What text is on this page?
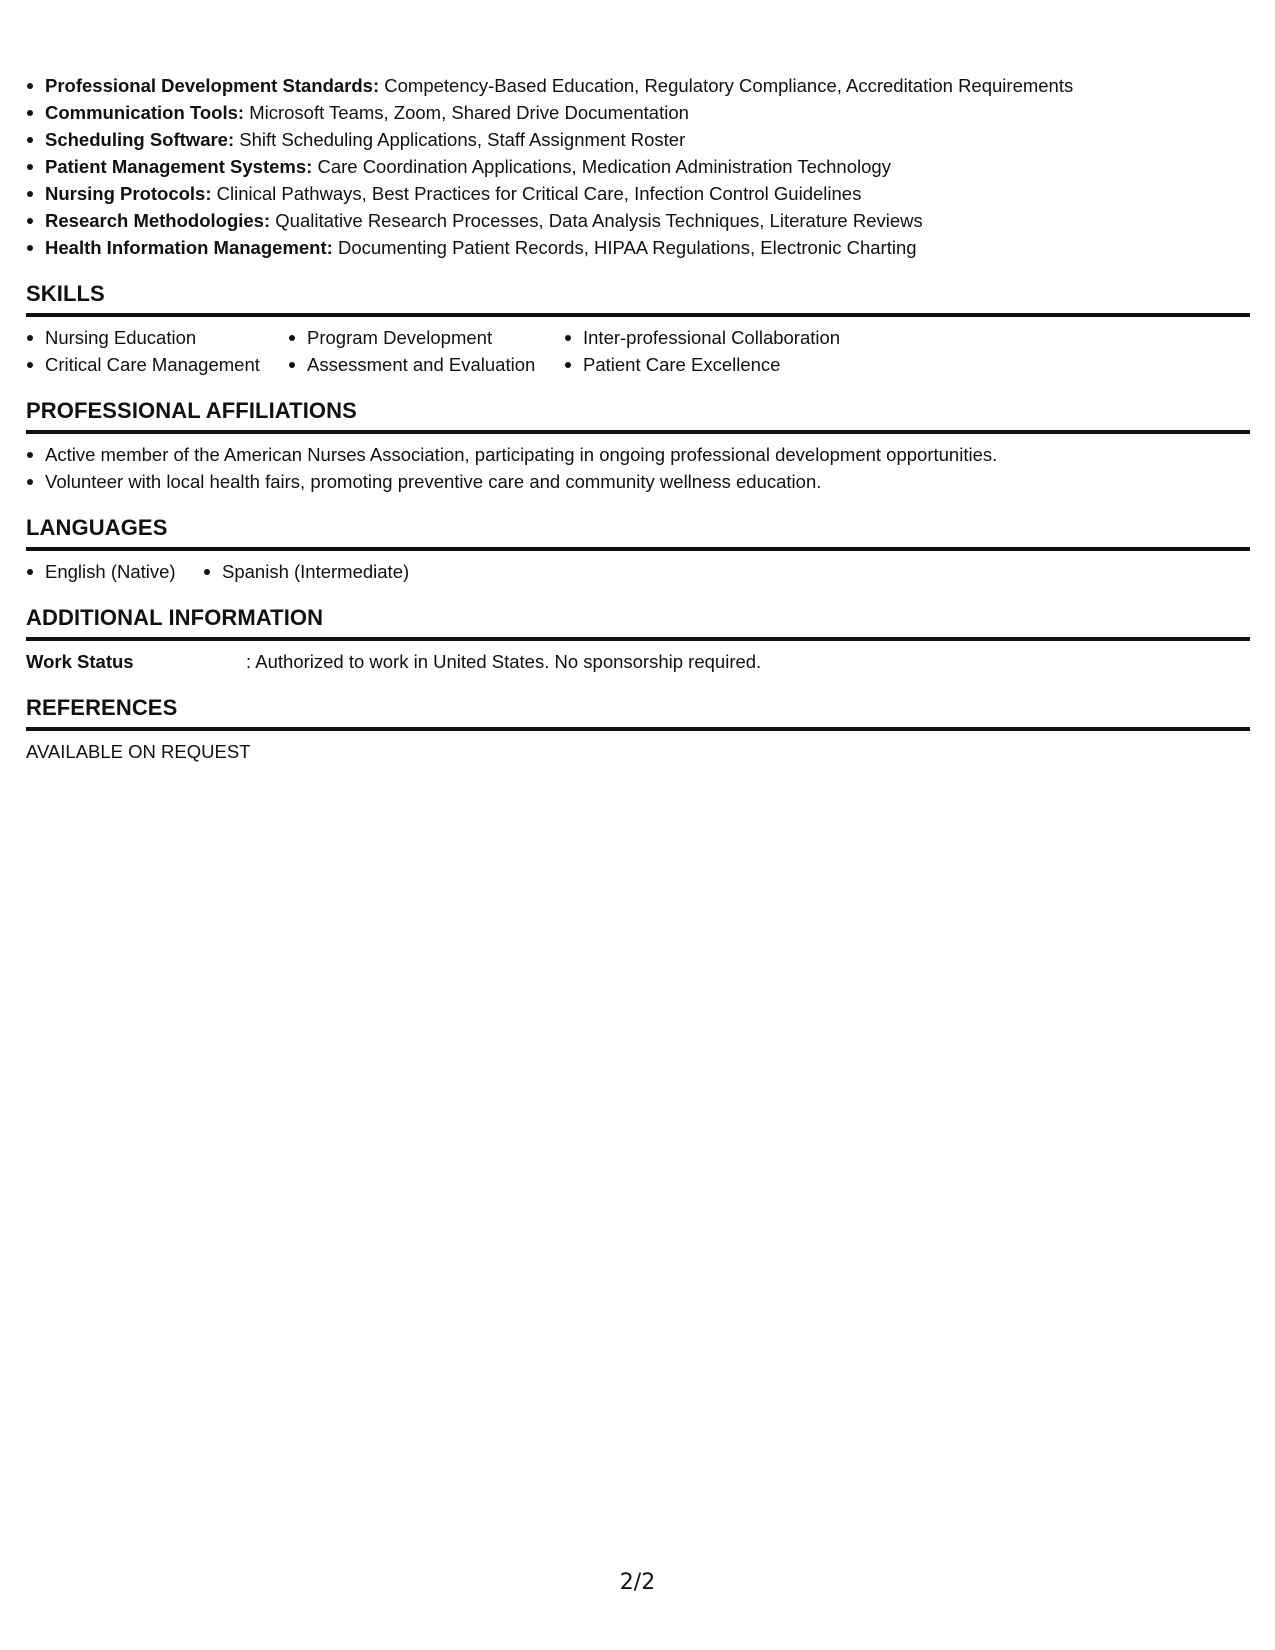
Professional Development Standards: Competency-Based Education, Regulatory Compliance, Accreditation Requirements
Communication Tools: Microsoft Teams, Zoom, Shared Drive Documentation
Scheduling Software: Shift Scheduling Applications, Staff Assignment Roster
Patient Management Systems: Care Coordination Applications, Medication Administration Technology
Nursing Protocols: Clinical Pathways, Best Practices for Critical Care, Infection Control Guidelines
Research Methodologies: Qualitative Research Processes, Data Analysis Techniques, Literature Reviews
Health Information Management: Documenting Patient Records, HIPAA Regulations, Electronic Charting
SKILLS
Nursing Education
Critical Care Management
Program Development
Assessment and Evaluation
Inter-professional Collaboration
Patient Care Excellence
PROFESSIONAL AFFILIATIONS
Active member of the American Nurses Association, participating in ongoing professional development opportunities.
Volunteer with local health fairs, promoting preventive care and community wellness education.
LANGUAGES
English (Native)	Spanish (Intermediate)
ADDITIONAL INFORMATION
Work Status	: Authorized to work in United States. No sponsorship required.
REFERENCES
AVAILABLE ON REQUEST
2/2
